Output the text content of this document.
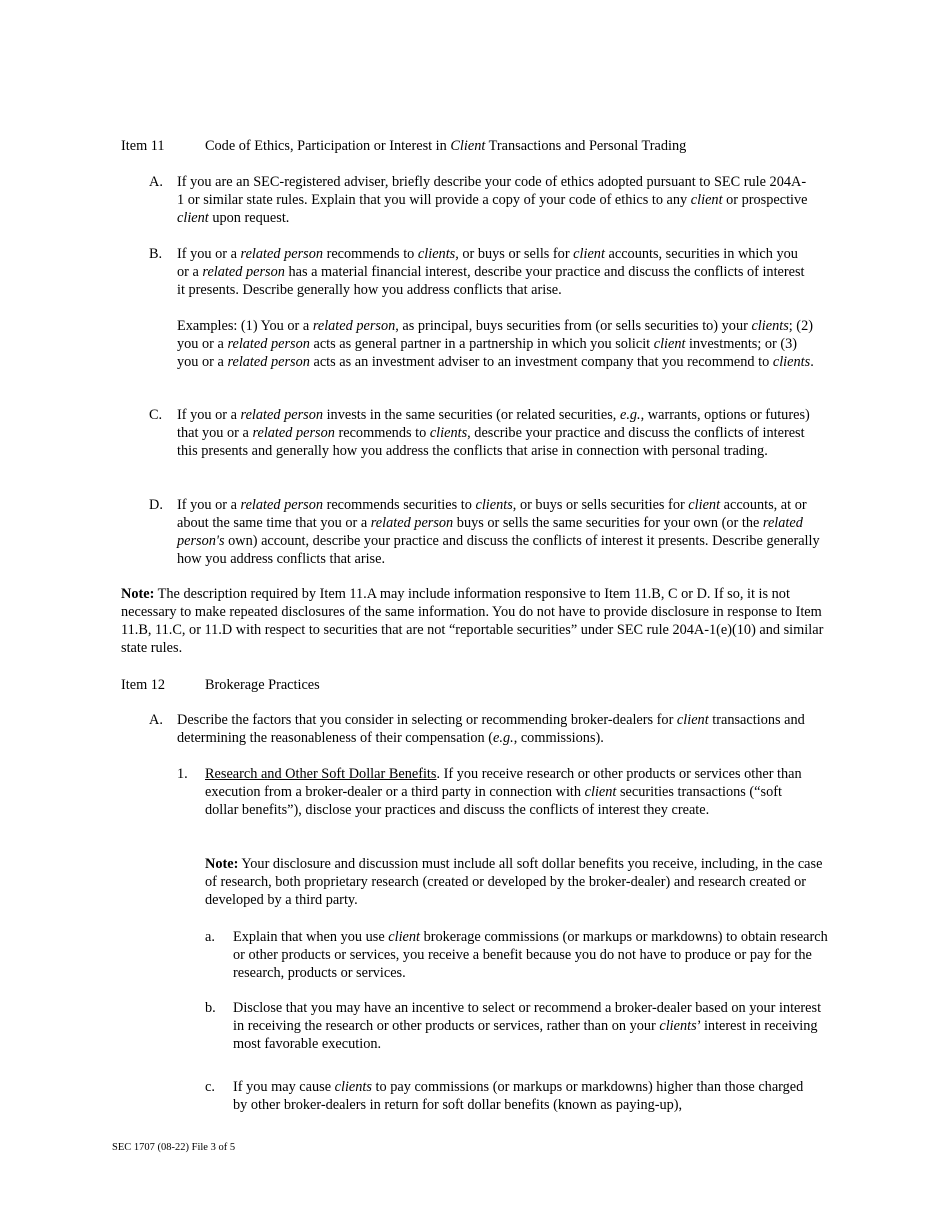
Item 11	Code of Ethics, Participation or Interest in Client Transactions and Personal Trading
A. If you are an SEC-registered adviser, briefly describe your code of ethics adopted pursuant to SEC rule 204A-1 or similar state rules. Explain that you will provide a copy of your code of ethics to any client or prospective client upon request.

B. If you or a related person recommends to clients, or buys or sells for client accounts, securities in which you or a related person has a material financial interest, describe your practice and discuss the conflicts of interest it presents. Describe generally how you address conflicts that arise.

Examples: (1) You or a related person, as principal, buys securities from (or sells securities to) your clients; (2) you or a related person acts as general partner in a partnership in which you solicit client investments; or (3) you or a related person acts as an investment adviser to an investment company that you recommend to clients.

C. If you or a related person invests in the same securities (or related securities, e.g., warrants, options or futures) that you or a related person recommends to clients, describe your practice and discuss the conflicts of interest this presents and generally how you address the conflicts that arise in connection with personal trading.

D. If you or a related person recommends securities to clients, or buys or sells securities for client accounts, at or about the same time that you or a related person buys or sells the same securities for your own (or the related person's own) account, describe your practice and discuss the conflicts of interest it presents. Describe generally how you address conflicts that arise.

Note: The description required by Item 11.A may include information responsive to Item 11.B, C or D. If so, it is not necessary to make repeated disclosures of the same information. You do not have to provide disclosure in response to Item 11.B, 11.C, or 11.D with respect to securities that are not “reportable securities” under SEC rule 204A-1(e)(10) and similar state rules.

Item 12	Brokerage Practices
A. Describe the factors that you consider in selecting or recommending broker-dealers for client transactions and determining the reasonableness of their compensation (e.g., commissions).

1. Research and Other Soft Dollar Benefits. If you receive research or other products or services other than execution from a broker-dealer or a third party in connection with client securities transactions (“soft dollar benefits”), disclose your practices and discuss the conflicts of interest they create.

Note: Your disclosure and discussion must include all soft dollar benefits you receive, including, in the case of research, both proprietary research (created or developed by the broker-dealer) and research created or developed by a third party.

a. Explain that when you use client brokerage commissions (or markups or markdowns) to obtain research or other products or services, you receive a benefit because you do not have to produce or pay for the research, products or services.

b. Disclose that you may have an incentive to select or recommend a broker-dealer based on your interest in receiving the research or other products or services, rather than on your clients’ interest in receiving most favorable execution.

c. If you may cause clients to pay commissions (or markups or markdowns) higher than those charged by other broker-dealers in return for soft dollar benefits (known as paying-up),

SEC 1707 (08-22) File 3 of 5
